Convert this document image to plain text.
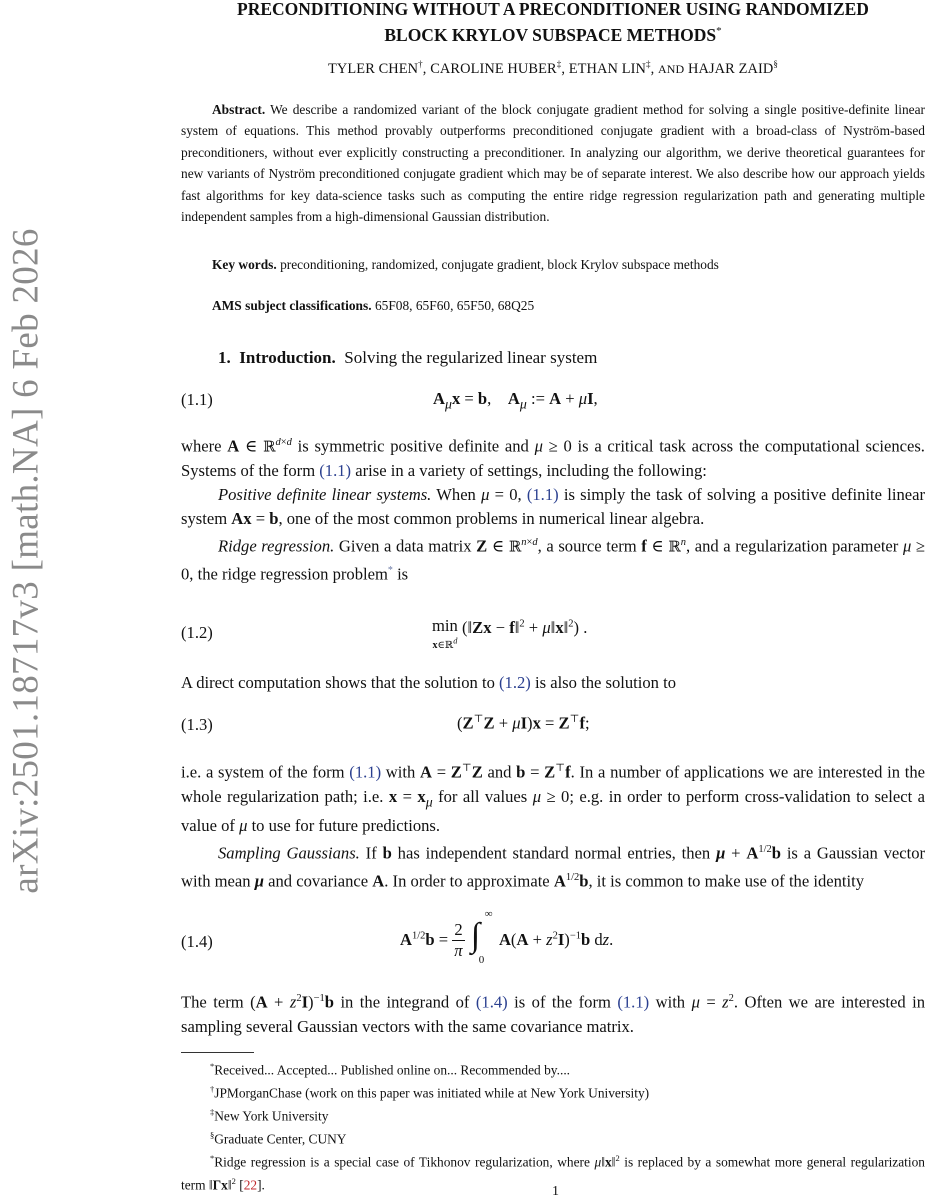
arXiv:2501.18717v3 [math.NA] 6 Feb 2026
PRECONDITIONING WITHOUT A PRECONDITIONER USING RANDOMIZED
BLOCK KRYLOV SUBSPACE METHODS*
TYLER CHEN†, CAROLINE HUBER‡, ETHAN LIN‡, AND HAJAR ZAID§

Abstract. We describe a randomized variant of the block conjugate gradient method for solving a single positive-definite linear system of equations. This method provably outperforms preconditioned conjugate gradient with a broad-class of Nyström-based preconditioners, without ever explicitly constructing a preconditioner. In analyzing our algorithm, we derive theoretical guarantees for new variants of Nyström preconditioned conjugate gradient which may be of separate interest. We also describe how our approach yields fast algorithms for key data-science tasks such as computing the entire ridge regression regularization path and generating multiple independent samples from a high-dimensional Gaussian distribution.

Key words. preconditioning, randomized, conjugate gradient, block Krylov subspace methods
AMS subject classifications. 65F08, 65F60, 65F50, 68Q25
1. Introduction. Solving the regularized linear system
(1.1)	$A_\mu x = b$,    $A_\mu$ := A + μI,

where A ∈ ℝ$^{d\times d}$ is symmetric positive definite and μ ≥ 0 is a critical task across the computational sciences. Systems of the form (1.1) arise in a variety of settings, including the following:

Positive definite linear systems. When μ = 0, (1.1) is simply the task of solving a positive definite linear system Ax = b, one of the most common problems in numerical linear algebra.

Ridge regression. Given a data matrix Z ∈ ℝ$^{n\times d}$, a source term f ∈ ℝ$^n$, and a regularization parameter μ ≥ 0, the ridge regression problem* is

(1.2)	min
x∈ℝ$^d$ (‖Zx − f‖$^2$ + μ‖x‖$^2$) .
A direct computation shows that the solution to (1.2) is also the solution to
(1.3)	(Z⊤Z + μI)x = Z⊤f;

i.e. a system of the form (1.1) with A = Z⊤Z and b = Z⊤f. In a number of applications we are interested in the whole regularization path; i.e. $x = x_\mu$ for all values μ ≥ 0; e.g. in order to perform cross-validation to select a value of μ to use for future predictions.

Sampling Gaussians. If b has independent standard normal entries, then $\mu + A^{1/2}b$ is a Gaussian vector with mean μ and covariance A. In order to approximate $A^{1/2}b$, it is common to make use of the identity

(1.4)	$A^{1/2}b = \frac{2}{\pi}$ ∫
∞
0
$A(A + z^2I)^{-1}b$ dz.

The term $(A + z^2I)^{-1}b$ in the integrand of (1.4) is of the form (1.1) with $\mu = z^2$. Often we are interested in sampling several Gaussian vectors with the same covariance matrix.

*Received... Accepted... Published online on... Recommended by....

†JPMorganChase (work on this paper was initiated while at New York University)

‡New York University

§Graduate Center, CUNY

*Ridge regression is a special case of Tikhonov regularization, where μ‖x‖$^2$ is replaced by a somewhat more general regularization term ‖Γx‖$^2$ [22].	1
